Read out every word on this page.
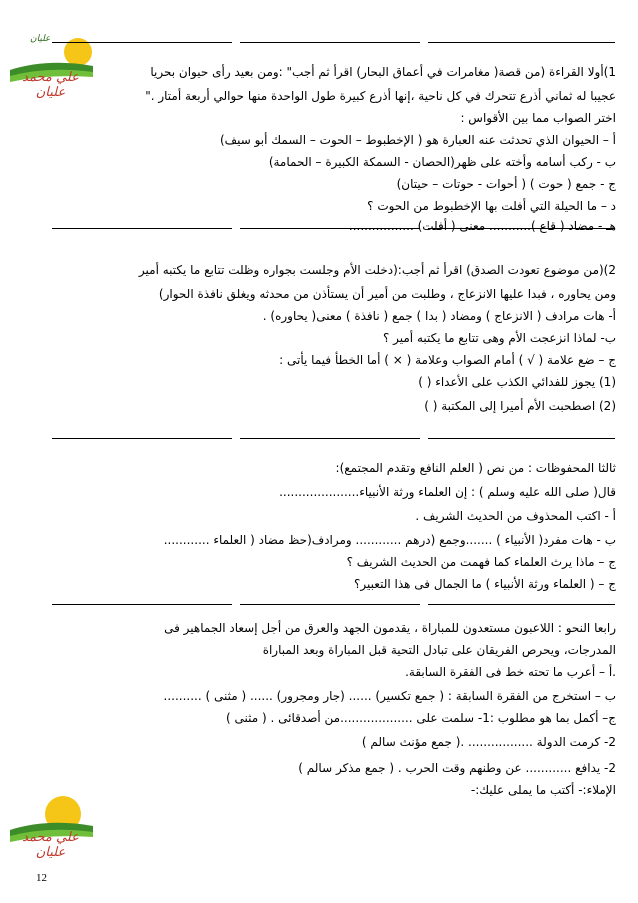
عليان
علي محمد عليان
علي محمد عليان
1)أولا القراءة (من قصة( مغامرات في أعماق البحار) اقرأ ثم أجب" :ومن بعيد رأى حيوان بحريا
عجيبا له ثماني أذرع تتحرك في كل ناحية ،إنها أذرع كبيرة طول الواحدة منها حوالي أربعة أمتار ."
اختر الصواب مما بين الأقواس :
أ – الحيوان الذي تحدثت عنه العبارة هو ( الإخطبوط – الحوت – السمك أبو سيف)
ب - ركب أسامه وأخته على ظهر(الحصان - السمكة الكبيرة – الحمامة)
ج - جمع ( حوت ) ( أحوات - حوتات – حيتان)
د – ما الحيلة التي أفلت بها الإخطبوط من الحوت ؟
هـ - مضاد ( قاع )........... معنى ( أفلت) .................
2)(من موضوع تعودت الصدق) اقرأ ثم أجب:(دخلت الأم وجلست بجواره وظلت تتابع ما يكتبه أمير
ومن يحاوره ، فبدا عليها الانزعاج ، وطلبت من أمير أن يستأذن من محدثه ويغلق نافذة الحوار)
أ- هات مرادف ( الانزعاج ) ومضاد ( بدا ) جمع ( نافذة ) معنى( يحاوره) .
ب- لماذا انزعجت الأم وهى تتابع ما يكتبه أمير ؟
ج – ضع علامة ( √ ) أمام الصواب وعلامة ( × ) أما الخطأ فيما يأتى :
(1) يجوز للفدائي الكذب على الأعداء ( )
(2) اصطحبت الأم أميرا إلى المكتبة ( )
ثالثا المحفوظات : من نص ( العلم النافع وتقدم المجتمع):
قال( صلى الله عليه وسلم ) : إن العلماء ورثة الأنبياء.....................
أ - اكتب المحذوف من الحديث الشريف .
ب - هات مفرد( الأنبياء ) .......وجمع (درهم ............ ومرادف(حظ مضاد ( العلماء ............
ج – ماذا يرث العلماء كما فهمت من الحديث الشريف ؟
ج – ( العلماء ورثة الأنبياء ) ما الجمال فى هذا التعبير؟
رابعا النحو : اللاعبون مستعدون للمباراة ، يقدمون الجهد والعرق من أجل إسعاد الجماهير فى
المدرجات، ويحرص الفريقان على تبادل التحية قبل المباراة وبعد المباراة
.أ – أعرب ما تحته خط فى الفقرة السابقة.
ب – استخرج من الفقرة السابقة : ( جمع تكسير) ...... (جار ومجرور) ...... ( مثنى ) ..........
ج– أكمل بما هو مطلوب :1- سلمت على ...................من أصدقائى . ( مثنى )
2- كرمت الدولة ................. .( جمع مؤنث سالم )
2- يدافع ............ عن وطنهم وقت الحرب . ( جمع مذكر سالم )
الإملاء:- أكتب ما يملى عليك:-
12
